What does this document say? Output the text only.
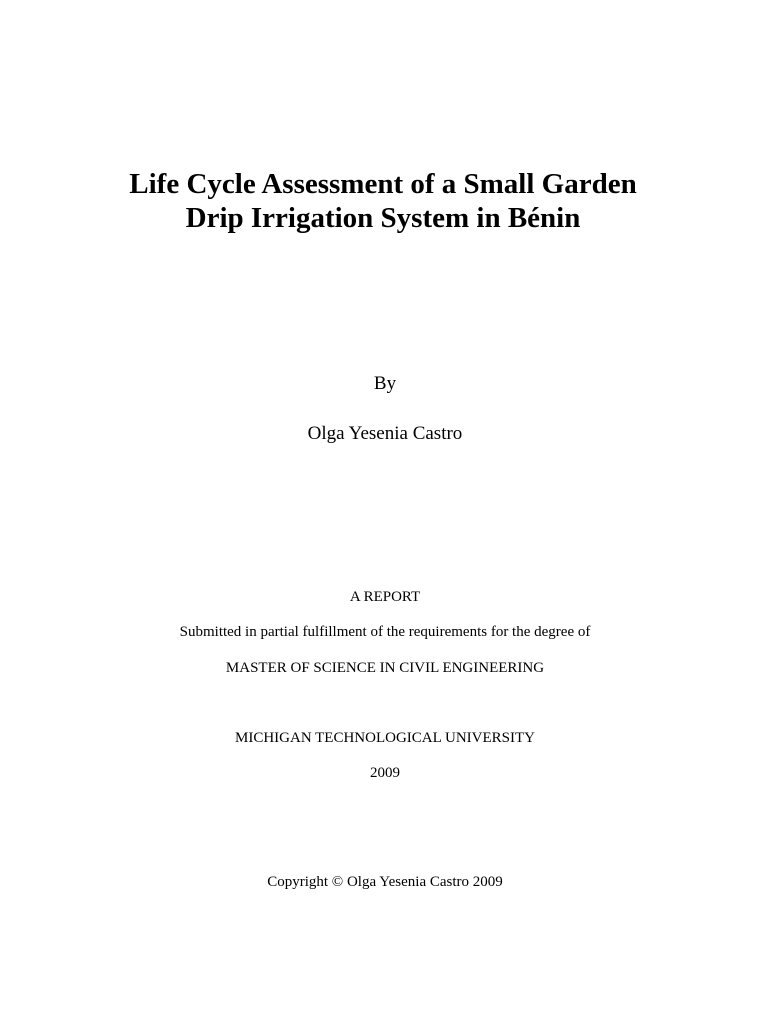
Life Cycle Assessment of a Small Garden
Drip Irrigation System in Bénin
By
Olga Yesenia Castro
A REPORT
Submitted in partial fulfillment of the requirements for the degree of
MASTER OF SCIENCE IN CIVIL ENGINEERING
MICHIGAN TECHNOLOGICAL UNIVERSITY
2009
Copyright © Olga Yesenia Castro 2009
